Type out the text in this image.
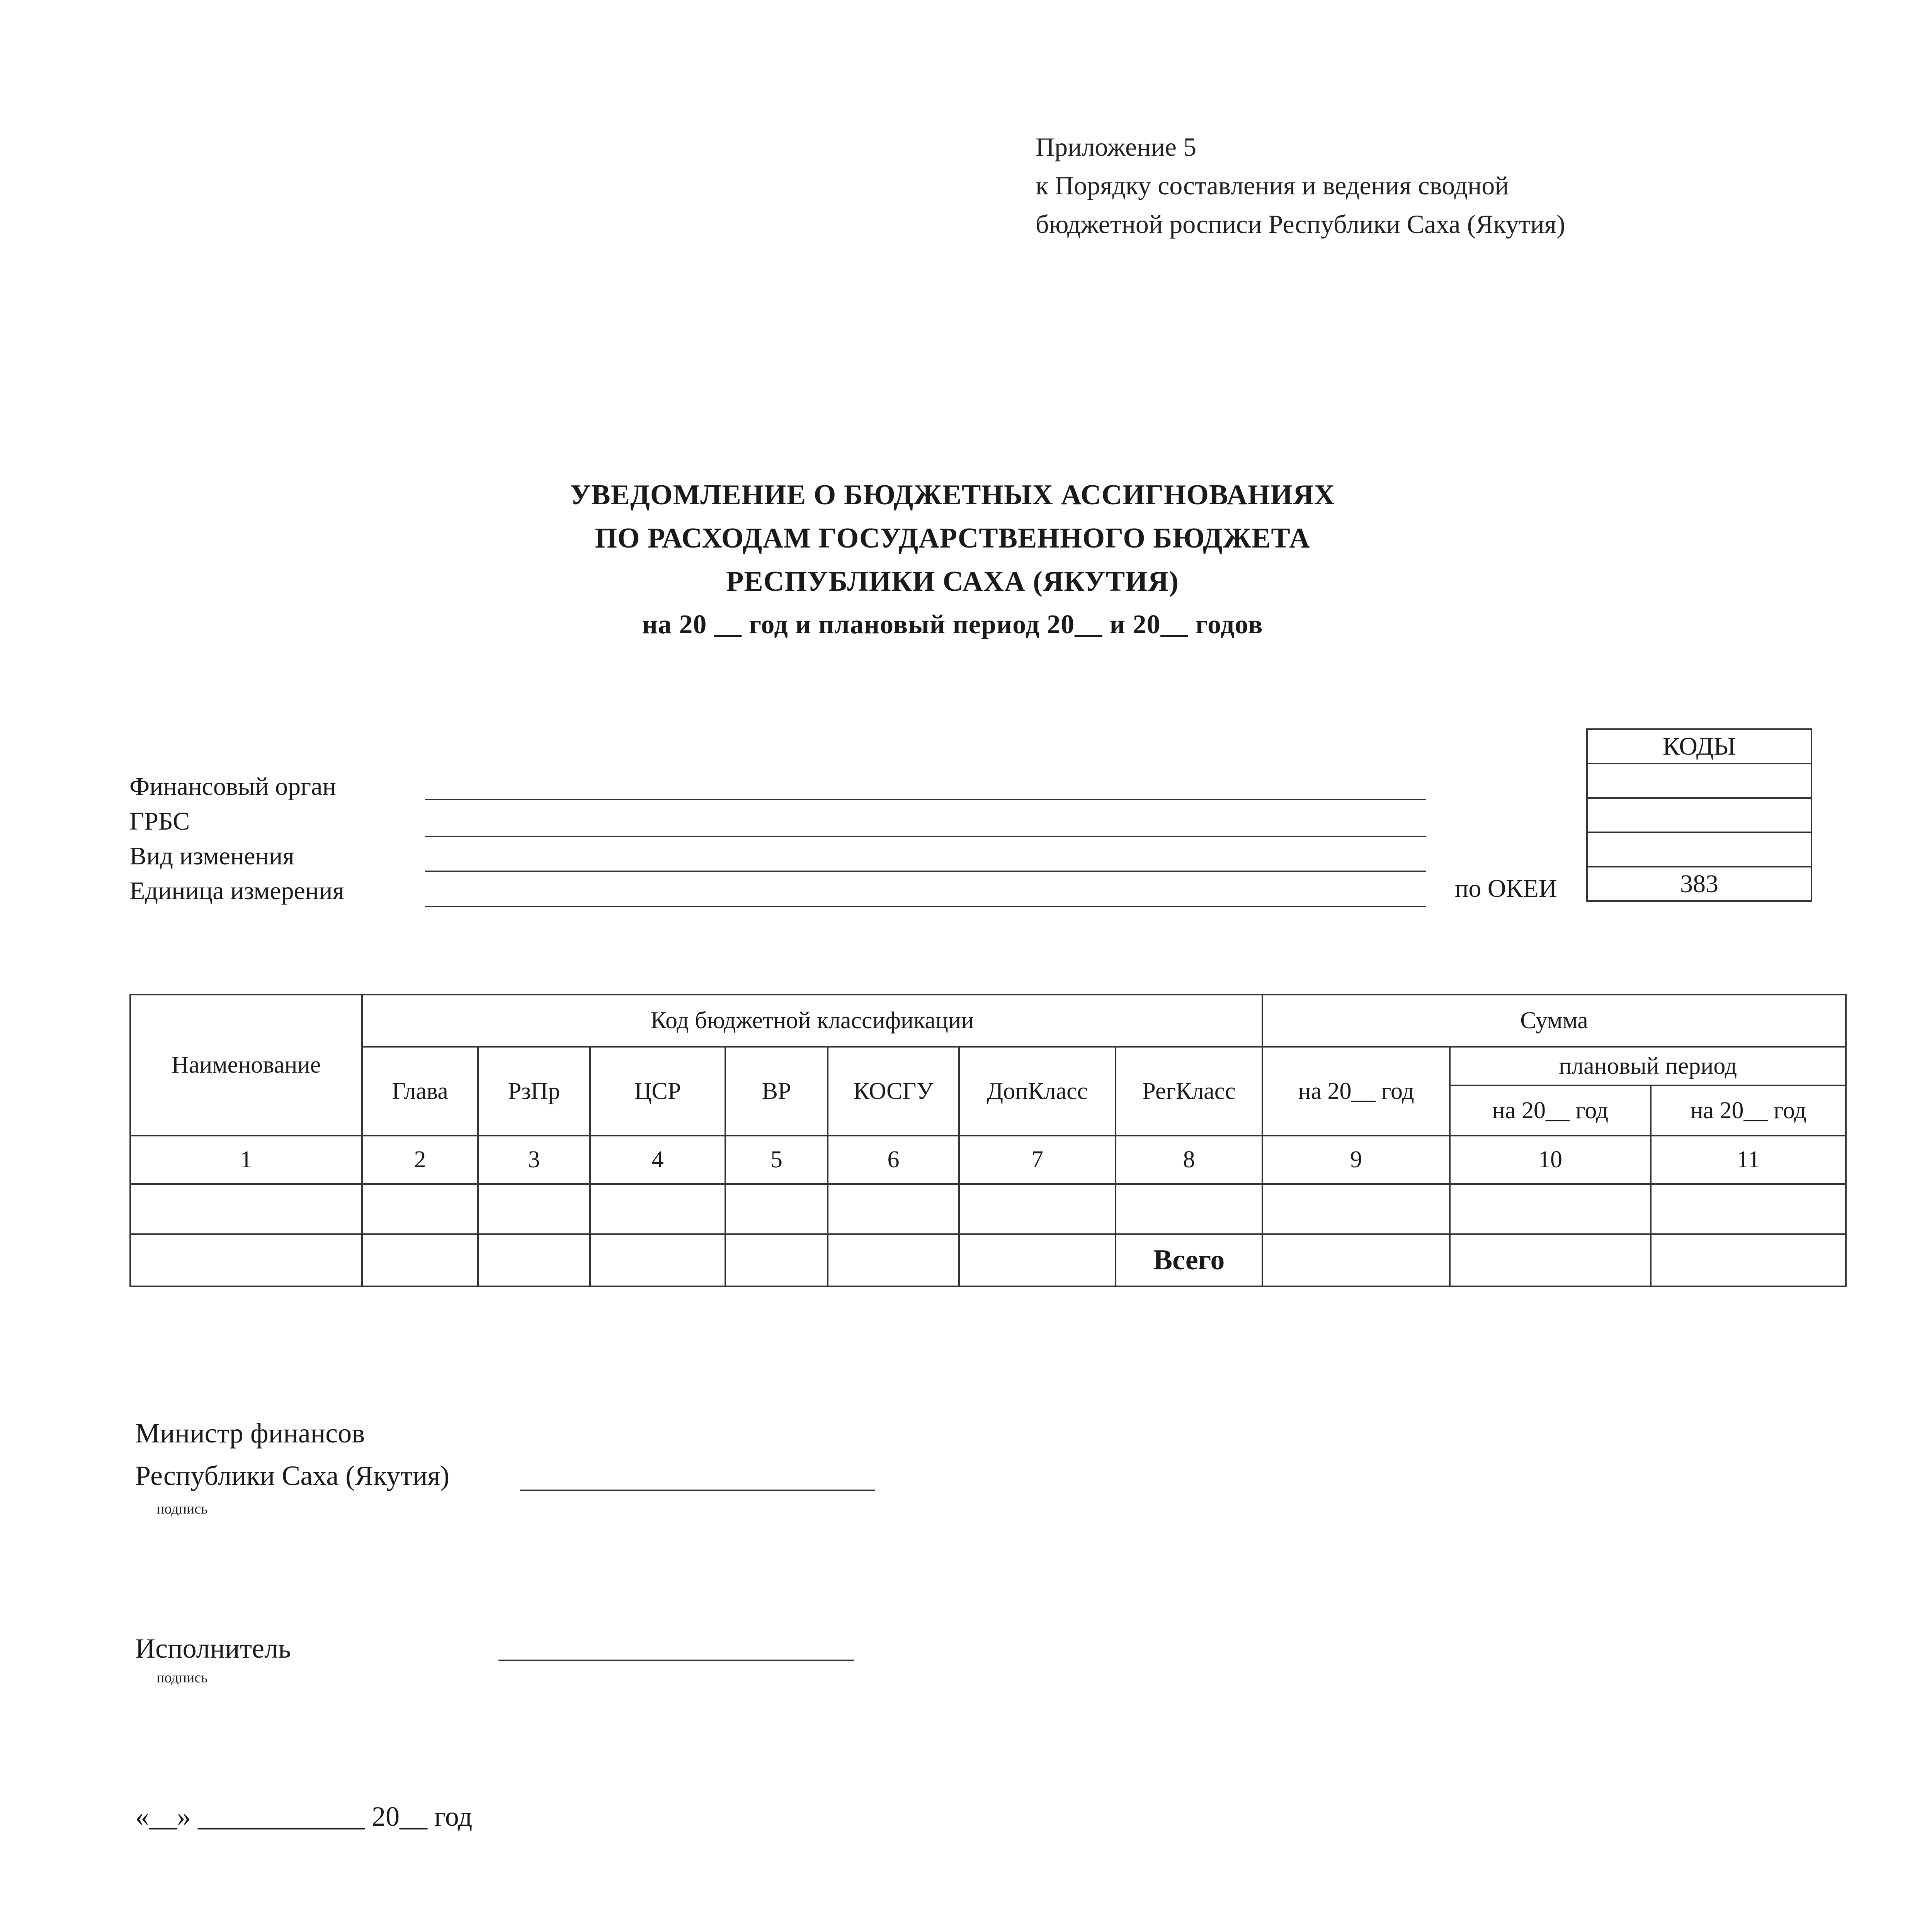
Приложение 5
к Порядку составления и ведения сводной
бюджетной росписи Республики Саха (Якутия)
УВЕДОМЛЕНИЕ О БЮДЖЕТНЫХ АССИГНОВАНИЯХ
ПО РАСХОДАМ ГОСУДАРСТВЕННОГО БЮДЖЕТА
РЕСПУБЛИКИ САХА (ЯКУТИЯ)
на 20 __ год и плановый период 20__ и 20__ годов
Финансовый орган
ГРБС
Вид изменения
Единица измерения	по ОКЕИ
КОДЫ

383
Наименование	Код бюджетной классификации							Сумма		
	Глава	РзПр	ЦСР	ВР	КОСГУ	ДопКласс	РегКласс	на 20__ год	плановый период	
									на 20__ год	на 20__ год
1	2	3	4	5	6	7	8	9	10	11

							Всего			
Министр финансов
Республики Саха (Якутия)
подпись
Исполнитель
подпись
«__» ____________ 20__ год
